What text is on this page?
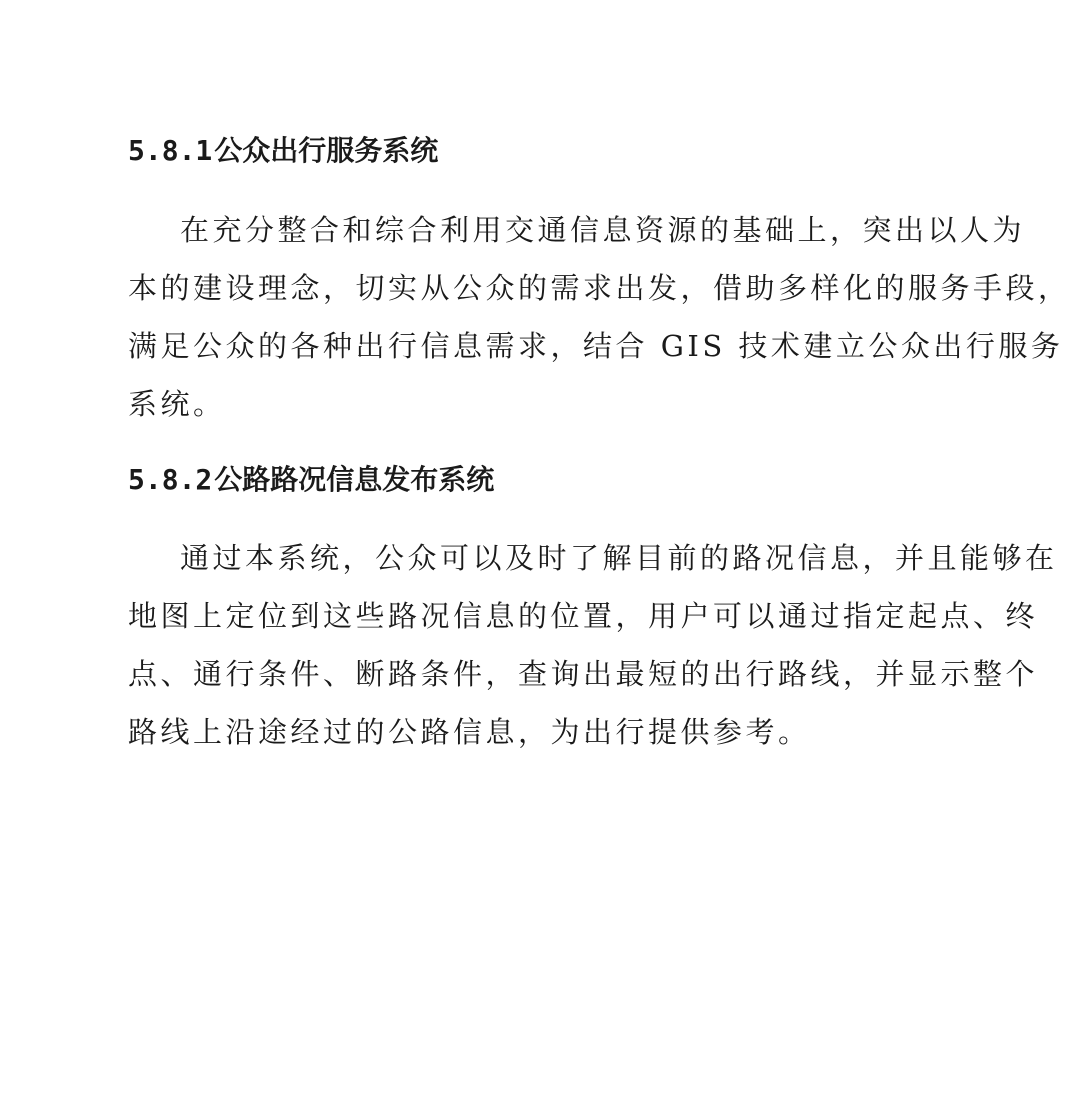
5.8.1公众出行服务系统
在充分整合和综合利用交通信息资源的基础上，突出以人为
本的建设理念，切实从公众的需求出发，借助多样化的服务手段，
满足公众的各种出行信息需求，结合 GIS 技术建立公众出行服务
系统。
5.8.2公路路况信息发布系统
通过本系统，公众可以及时了解目前的路况信息，并且能够在
地图上定位到这些路况信息的位置，用户可以通过指定起点、终
点、通行条件、断路条件，查询出最短的出行路线，并显示整个
路线上沿途经过的公路信息，为出行提供参考。
